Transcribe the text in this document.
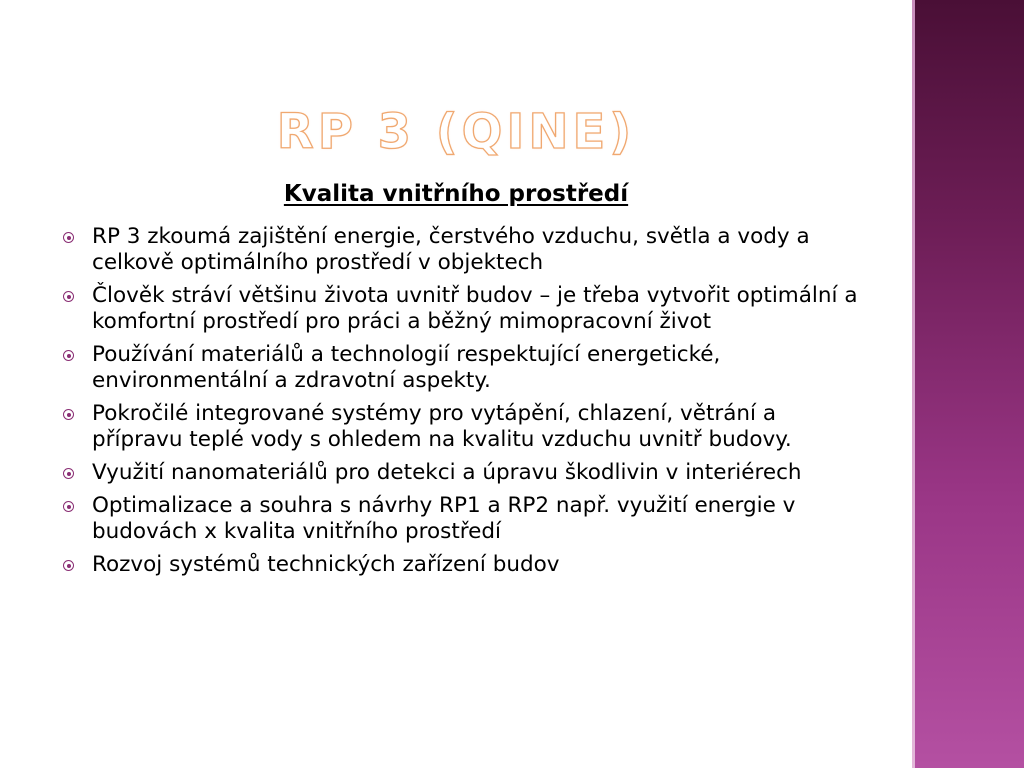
RP 3 (QINE)
Kvalita vnitřního prostředí
RP 3 zkoumá zajištění energie, čerstvého vzduchu, světla a vody a celkově optimálního prostředí v objektech
Člověk stráví většinu života uvnitř budov – je třeba vytvořit optimální a komfortní prostředí pro práci a běžný mimopracovní život
Používání materiálů a technologií respektující energetické, environmentální a zdravotní aspekty.
Pokročilé integrované systémy pro vytápění, chlazení, větrání a přípravu teplé vody s ohledem na kvalitu vzduchu uvnitř budovy.
Využití nanomateriálů pro detekci a úpravu škodlivin v interiérech
Optimalizace a souhra s návrhy RP1 a RP2 např. využití energie v budovách x kvalita vnitřního prostředí
Rozvoj systémů technických zařízení budov
